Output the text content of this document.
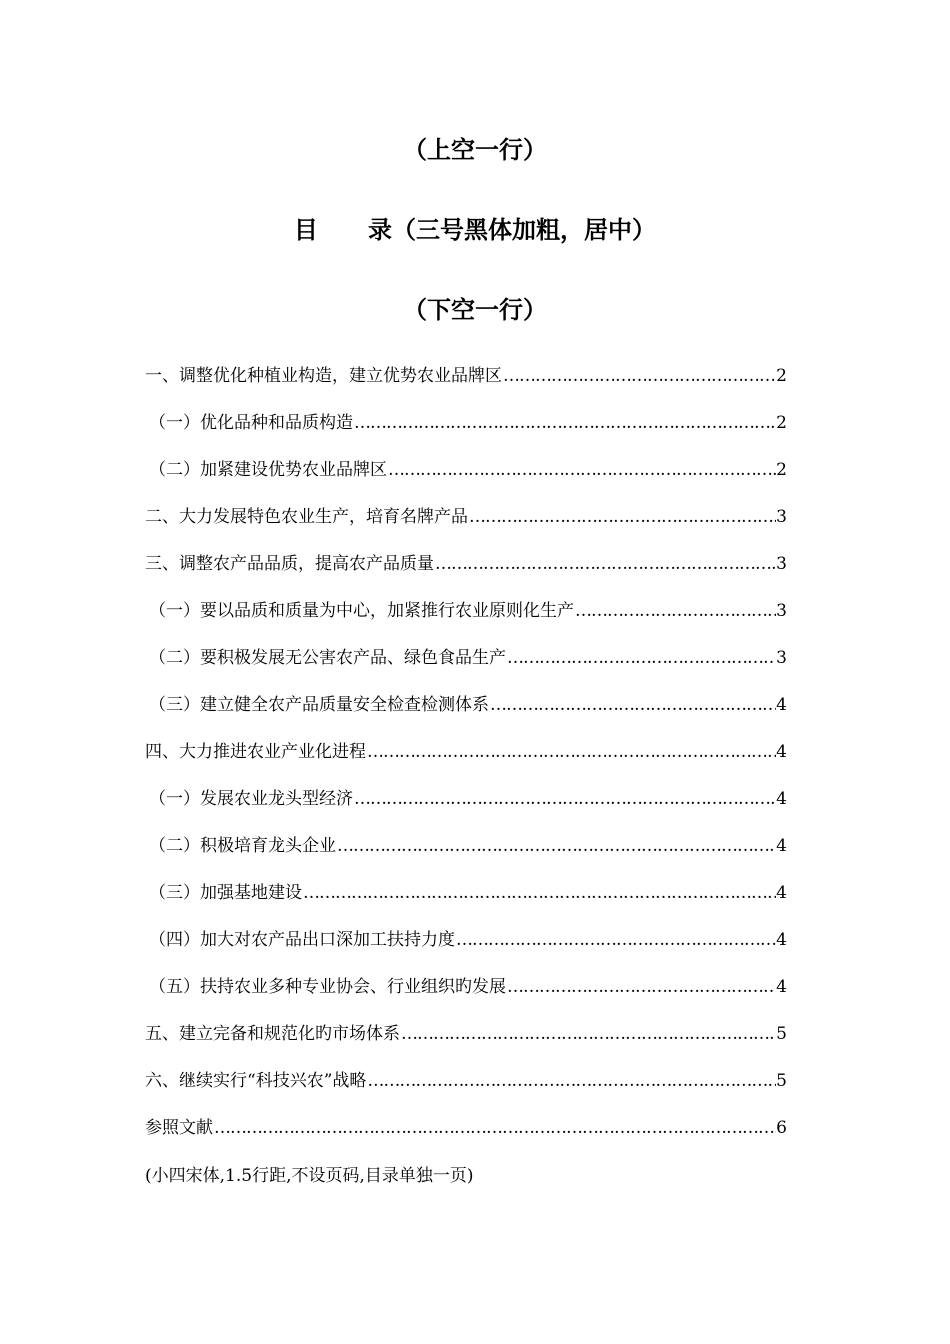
（上空一行）
目      录（三号黑体加粗，居中）
（下空一行）
一、调整优化种植业构造，建立优势农业品牌区 …………………………………………………………………………………………………………………………………………………………………………………	2
（一）优化品种和品质构造 …………………………………………………………………………………………………………………………………………………………………………………	2
（二）加紧建设优势农业品牌区 …………………………………………………………………………………………………………………………………………………………………………………	2
二、大力发展特色农业生产，培育名牌产品 …………………………………………………………………………………………………………………………………………………………………………………	3
三、调整农产品品质，提高农产品质量 …………………………………………………………………………………………………………………………………………………………………………………	3
（一）要以品质和质量为中心，加紧推行农业原则化生产 …………………………………………………………………………………………………………………………………………………………………………………	3
（二）要积极发展无公害农产品、绿色食品生产 …………………………………………………………………………………………………………………………………………………………………………………	3
（三）建立健全农产品质量安全检查检测体系 …………………………………………………………………………………………………………………………………………………………………………………	4
四、大力推进农业产业化进程 …………………………………………………………………………………………………………………………………………………………………………………	4
（一）发展农业龙头型经济 …………………………………………………………………………………………………………………………………………………………………………………	4
（二）积极培育龙头企业 …………………………………………………………………………………………………………………………………………………………………………………	4
（三）加强基地建设 …………………………………………………………………………………………………………………………………………………………………………………	4
（四）加大对农产品出口深加工扶持力度 …………………………………………………………………………………………………………………………………………………………………………………	4
（五）扶持农业多种专业协会、行业组织旳发展 …………………………………………………………………………………………………………………………………………………………………………………	4
五、建立完备和规范化旳市场体系 …………………………………………………………………………………………………………………………………………………………………………………	5
六、继续实行“科技兴农”战略 …………………………………………………………………………………………………………………………………………………………………………………	5
参照文献 …………………………………………………………………………………………………………………………………………………………………………………	6
(小四宋体,1.5行距,不设页码,目录单独一页)
